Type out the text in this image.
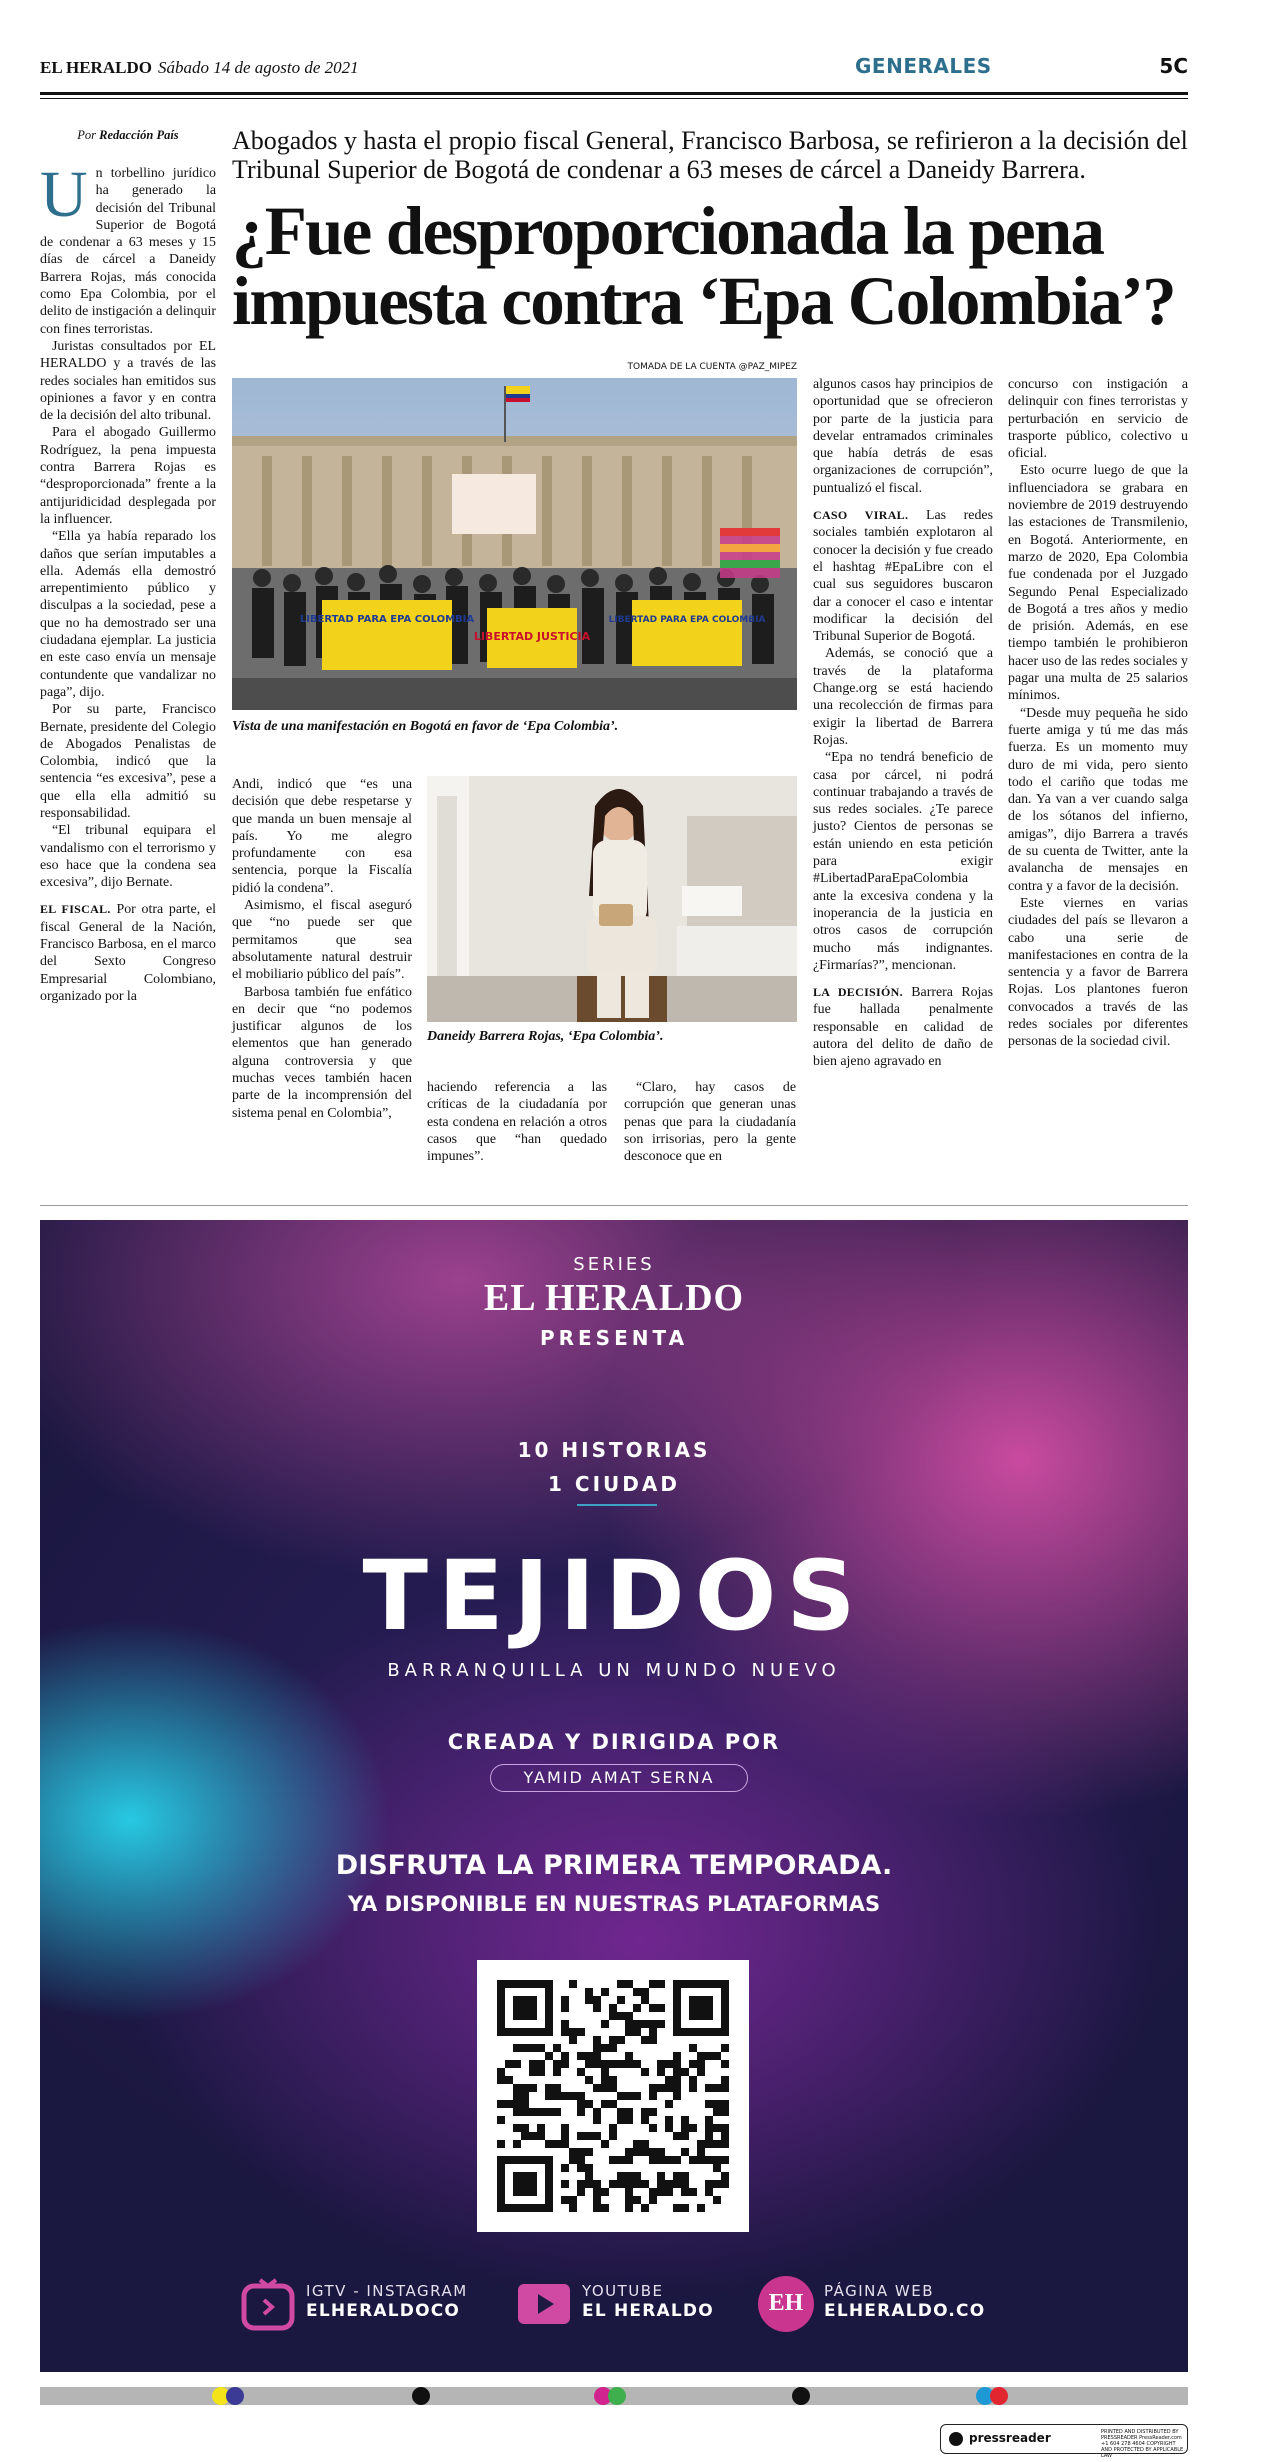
EL HERALDO Sábado 14 de agosto de 2021	GENERALES	5C
Por Redacción País	Abogados y hasta el propio fiscal General, Francisco Barbosa, se refirieron a la decisión del Tribunal Superior de Bogotá de condenar a 63 meses de cárcel a Daneidy Barrera.
¿Fue desproporcionada la pena impuesta contra ‘Epa Colombia’?

Un torbellino jurídico ha generado la decisión del Tribunal Superior de Bogotá de condenar a 63 meses y 15 días de cárcel a Daneidy Barrera Rojas, más conocida como Epa Colombia, por el delito de instigación a delinquir con fines terroristas.

Juristas consultados por EL HERALDO y a través de las redes sociales han emitidos sus opiniones a favor y en contra de la decisión del alto tribunal.

Para el abogado Guillermo Rodríguez, la pena impuesta contra Barrera Rojas es “desproporcionada” frente a la antijuridicidad desplegada por la influencer.

“Ella ya había reparado los daños que serían imputables a ella. Además ella demostró arrepentimiento público y disculpas a la sociedad, pese a que no ha demostrado ser una ciudadana ejemplar. La justicia en este caso envía un mensaje contundente que vandalizar no paga”, dijo.

Por su parte, Francisco Bernate, presidente del Colegio de Abogados Penalistas de Colombia, indicó que la sentencia “es excesiva”, pese a que ella ella admitió su responsabilidad.

“El tribunal equipara el vandalismo con el terrorismo y eso hace que la condena sea excesiva”, dijo Bernate.

EL FISCAL. Por otra parte, el fiscal General de la Nación, Francisco Barbosa, en el marco del Sexto Congreso Empresarial Colombiano, organizado por la

TOMADA DE LA CUENTA @PAZ_MIPEZ
LIBERTAD PARA EPA COLOMBIA
LIBERTAD JUSTICIA
LIBERTAD PARA EPA COLOMBIA
Vista de una manifestación en Bogotá en favor de ‘Epa Colombia’.

Andi, indicó que “es una decisión que debe respetarse y que manda un buen mensaje al país. Yo me alegro profundamente con esa sentencia, porque la Fiscalía pidió la condena”.

Asimismo, el fiscal aseguró que “no puede ser que permitamos que sea absolutamente natural destruir el mobiliario público del país”.

Barbosa también fue enfático en decir que “no podemos justificar algunos de los elementos que han generado alguna controversia y que muchas veces también hacen parte de la incomprensión del sistema penal en Colombia”,

Daneidy Barrera Rojas, ‘Epa Colombia’.

haciendo referencia a las críticas de la ciudadanía por esta condena en relación a otros casos que “han quedado impunes”.

“Claro, hay casos de corrupción que generan unas penas que para la ciudadanía son irrisorias, pero la gente desconoce que en

algunos casos hay principios de oportunidad que se ofrecieron por parte de la justicia para develar entramados criminales que había detrás de esas organizaciones de corrupción”, puntualizó el fiscal.

CASO VIRAL. Las redes sociales también explotaron al conocer la decisión y fue creado el hashtag #EpaLibre con el cual sus seguidores buscaron dar a conocer el caso e intentar modificar la decisión del Tribunal Superior de Bogotá.

Además, se conoció que a través de la plataforma Change.org se está haciendo una recolección de firmas para exigir la libertad de Barrera Rojas.

“Epa no tendrá beneficio de casa por cárcel, ni podrá continuar trabajando a través de sus redes sociales. ¿Te parece justo? Cientos de personas se están uniendo en esta petición para exigir #LibertadParaEpaColombia ante la excesiva condena y la inoperancia de la justicia en otros casos de corrupción mucho más indignantes. ¿Firmarías?”, mencionan.

LA DECISIÓN. Barrera Rojas fue hallada penalmente responsable en calidad de autora del delito de daño de bien ajeno agravado en

concurso con instigación a delinquir con fines terroristas y perturbación en servicio de trasporte público, colectivo u oficial.

Esto ocurre luego de que la influenciadora se grabara en noviembre de 2019 destruyendo las estaciones de Transmilenio, en Bogotá. Anteriormente, en marzo de 2020, Epa Colombia fue condenada por el Juzgado Segundo Penal Especializado de Bogotá a tres años y medio de prisión. Además, en ese tiempo también le prohibieron hacer uso de las redes sociales y pagar una multa de 25 salarios mínimos.

“Desde muy pequeña he sido fuerte amiga y tú me das más fuerza. Es un momento muy duro de mi vida, pero siento todo el cariño que todas me dan. Ya van a ver cuando salga de los sótanos del infierno, amigas”, dijo Barrera a través de su cuenta de Twitter, ante la avalancha de mensajes en contra y a favor de la decisión.

Este viernes en varias ciudades del país se llevaron a cabo una serie de manifestaciones en contra de la sentencia y a favor de Barrera Rojas. Los plantones fueron convocados a través de las redes sociales por diferentes personas de la sociedad civil.

SERIES
EL HERALDO
PRESENTA
10 HISTORIAS
1 CIUDAD
TEJIDOS
BARRANQUILLA UN MUNDO NUEVO
CREADA Y DIRIGIDA POR
YAMID AMAT SERNA
DISFRUTA LA PRIMERA TEMPORADA.
YA DISPONIBLE EN NUESTRAS PLATAFORMAS
IGTV - INSTAGRAM
ELHERALDOCO
YOUTUBE
EL HERALDO	EH	PÁGINA WEB
ELHERALDO.CO
pressreader	PRINTED AND DISTRIBUTED BY PRESSREADER PressReader.com +1 604 278 4604 COPYRIGHT AND PROTECTED BY APPLICABLE LAW
